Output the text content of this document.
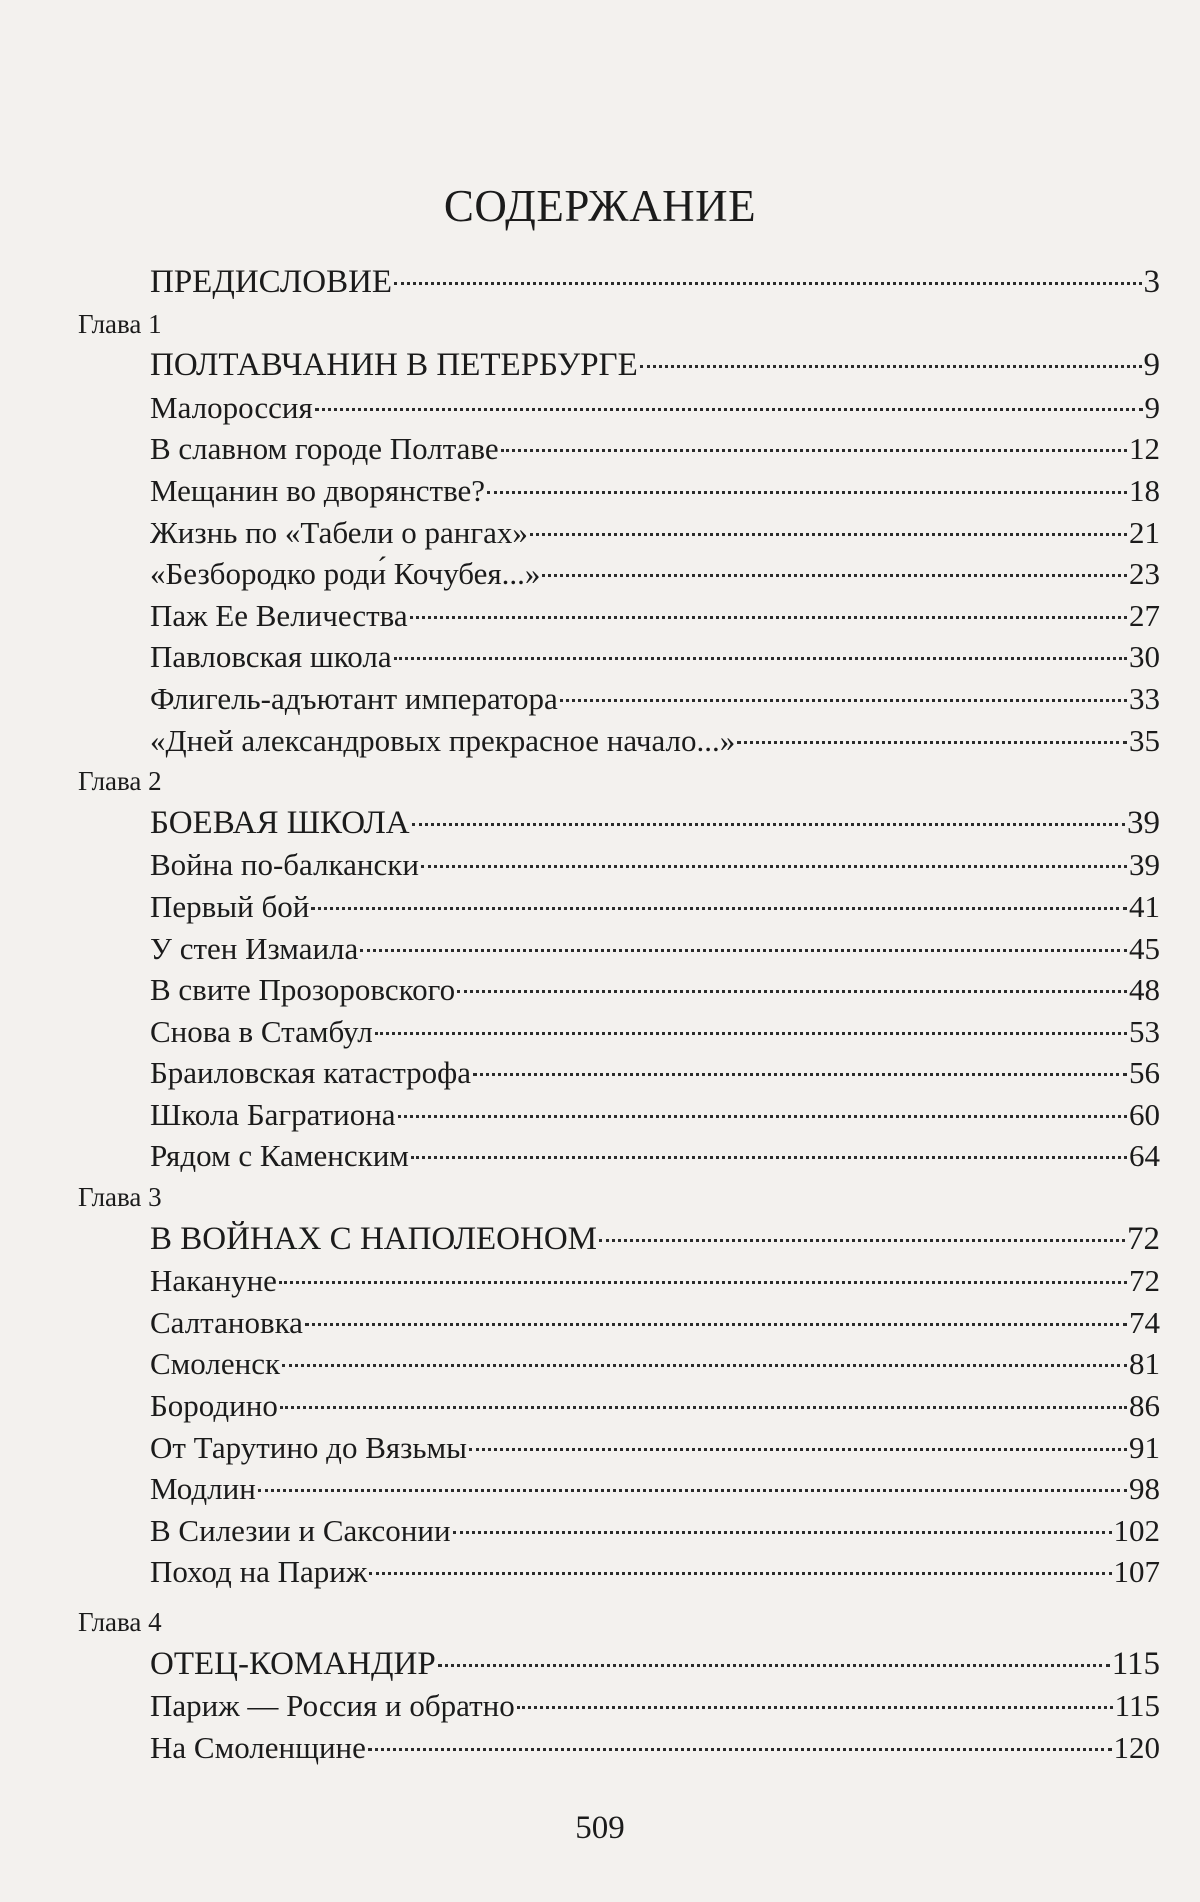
СОДЕРЖАНИЕ
ПРЕДИСЛОВИЕ	3
Глава 1
ПОЛТАВЧАНИН В ПЕТЕРБУРГЕ	9
Малороссия	9
В славном городе Полтаве	12
Мещанин во дворянстве?	18
Жизнь по «Табели о рангах»	21
«Безбородко роди́ Кочубея...»	23
Паж Ее Величества	27
Павловская школа	30
Флигель-адъютант императора	33
«Дней александровых прекрасное начало...»	35
Глава 2
БОЕВАЯ ШКОЛА	39
Война по-балкански	39
Первый бой	41
У стен Измаила	45
В свите Прозоровского	48
Снова в Стамбул	53
Браиловская катастрофа	56
Школа Багратиона	60
Рядом с Каменским	64
Глава 3
В ВОЙНАХ С НАПОЛЕОНОМ	72
Накануне	72
Салтановка	74
Смоленск	81
Бородино	86
От Тарутино до Вязьмы	91
Модлин	98
В Силезии и Саксонии	102
Поход на Париж	107
Глава 4
ОТЕЦ-КОМАНДИР	115
Париж — Россия и обратно	115
На Смоленщине	120
509
